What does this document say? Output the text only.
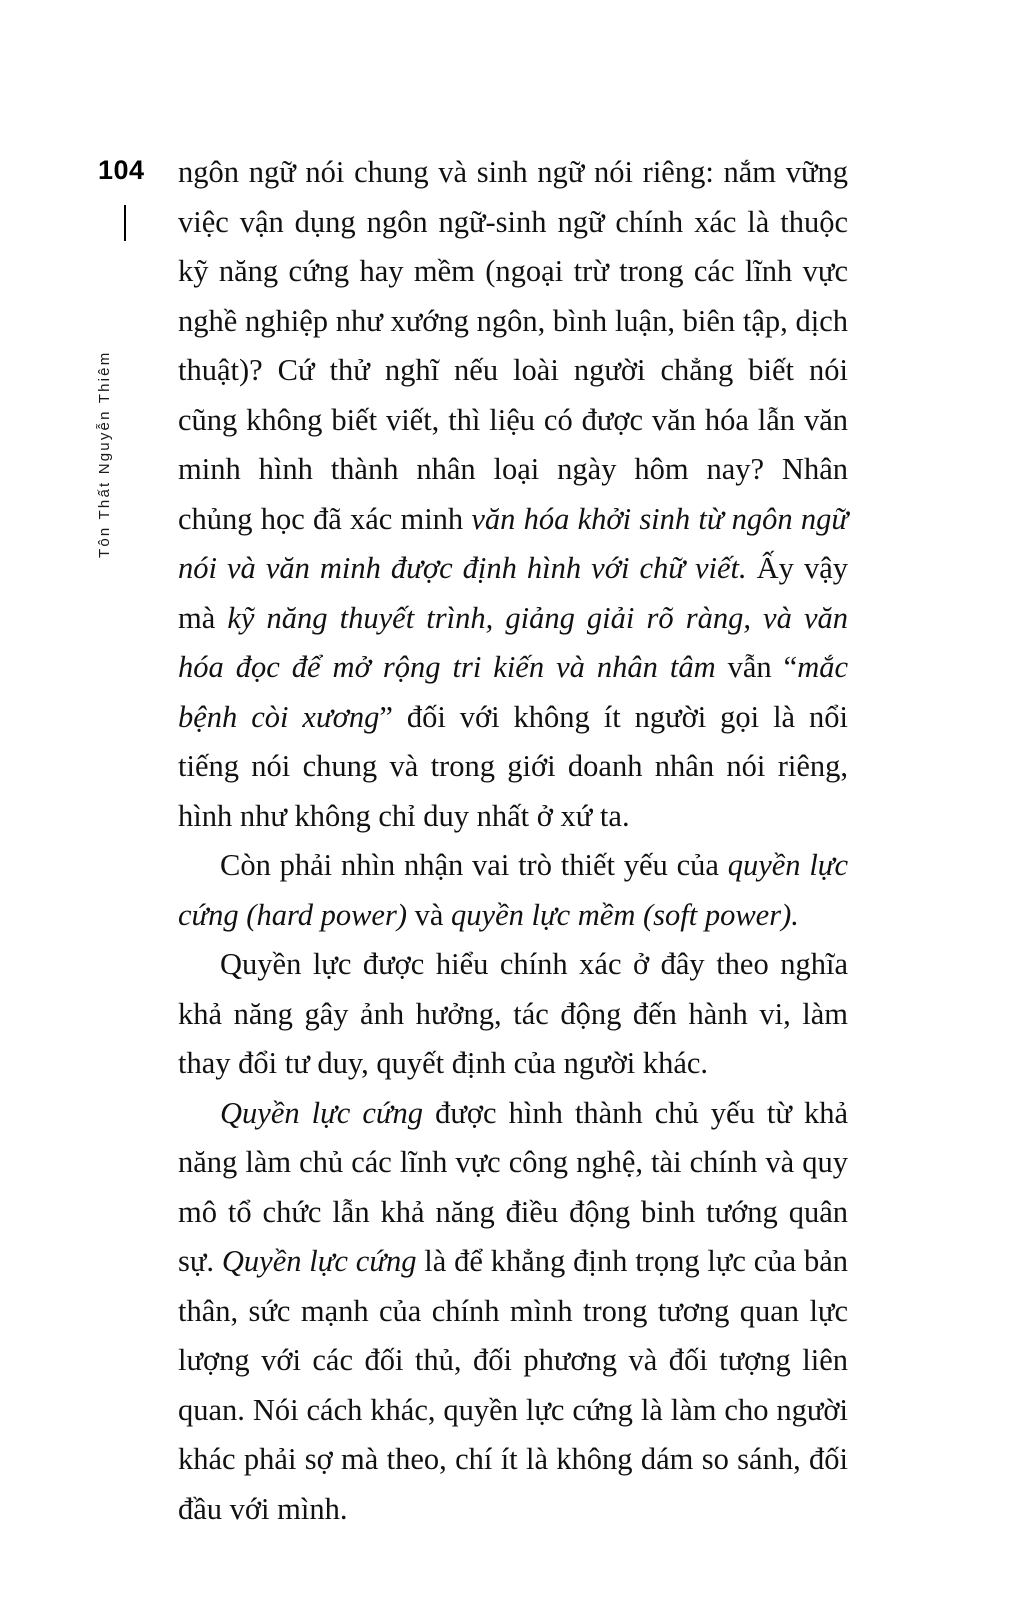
104
Tôn Thất Nguyễn Thiêm

ngôn ngữ nói chung và sinh ngữ nói riêng: nắm vững việc vận dụng ngôn ngữ-sinh ngữ chính xác là thuộc kỹ năng cứng hay mềm (ngoại trừ trong các lĩnh vực nghề nghiệp như xướng ngôn, bình luận, biên tập, dịch thuật)? Cứ thử nghĩ nếu loài người chẳng biết nói cũng không biết viết, thì liệu có được văn hóa lẫn văn minh hình thành nhân loại ngày hôm nay? Nhân chủng học đã xác minh văn hóa khởi sinh từ ngôn ngữ nói và văn minh được định hình với chữ viết. Ấy vậy mà kỹ năng thuyết trình, giảng giải rõ ràng, và văn hóa đọc để mở rộng tri kiến và nhân tâm vẫn “mắc bệnh còi xương” đối với không ít người gọi là nổi tiếng nói chung và trong giới doanh nhân nói riêng, hình như không chỉ duy nhất ở xứ ta.

Còn phải nhìn nhận vai trò thiết yếu của quyền lực cứng (hard power) và quyền lực mềm (soft power).

Quyền lực được hiểu chính xác ở đây theo nghĩa khả năng gây ảnh hưởng, tác động đến hành vi, làm thay đổi tư duy, quyết định của người khác.

Quyền lực cứng được hình thành chủ yếu từ khả năng làm chủ các lĩnh vực công nghệ, tài chính và quy mô tổ chức lẫn khả năng điều động binh tướng quân sự. Quyền lực cứng là để khẳng định trọng lực của bản thân, sức mạnh của chính mình trong tương quan lực lượng với các đối thủ, đối phương và đối tượng liên quan. Nói cách khác, quyền lực cứng là làm cho người khác phải sợ mà theo, chí ít là không dám so sánh, đối đầu với mình.
